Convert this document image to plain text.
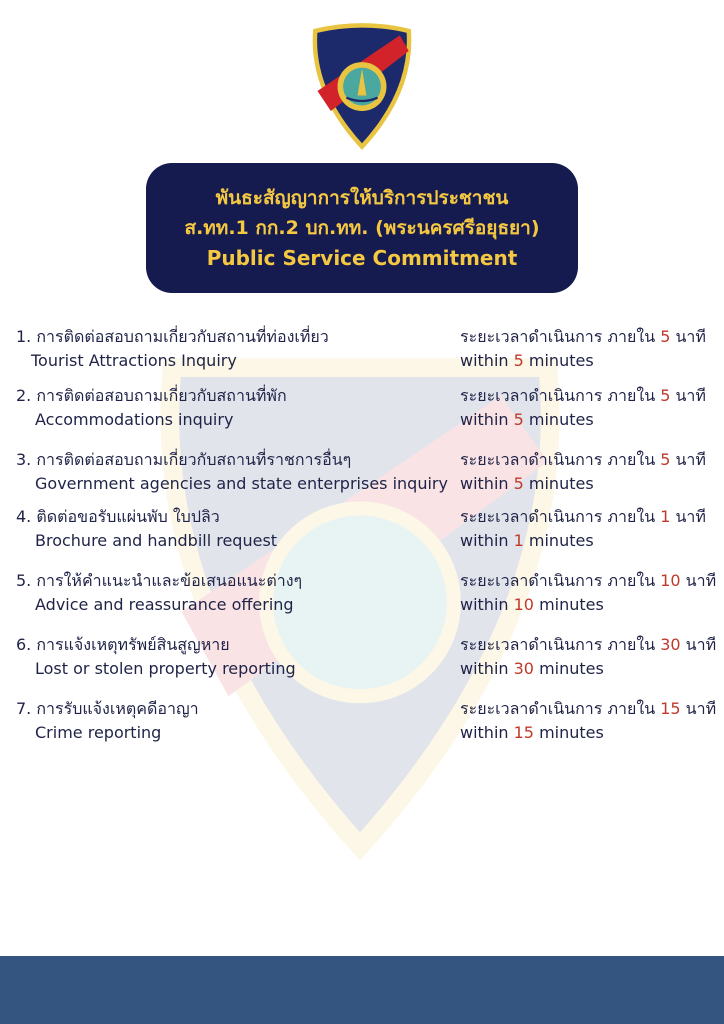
พันธะสัญญาการให้บริการประชาชน
ส.ทท.1 กก.2 บก.ทท. (พระนครศรีอยุธยา)
Public Service Commitment
1. การติดต่อสอบถามเกี่ยวกับสถานที่ท่องเที่ยว
Tourist Attractions Inquiry
ระยะเวลาดำเนินการ ภายใน 5 นาที
within 5 minutes
2. การติดต่อสอบถามเกี่ยวกับสถานที่พัก
Accommodations inquiry
ระยะเวลาดำเนินการ ภายใน 5 นาที
within 5 minutes
3. การติดต่อสอบถามเกี่ยวกับสถานที่ราชการอื่นๆ
Government agencies and state enterprises inquiry
ระยะเวลาดำเนินการ ภายใน 5 นาที
within 5 minutes
4. ติดต่อขอรับแผ่นพับ ใบปลิว
Brochure and handbill request
ระยะเวลาดำเนินการ ภายใน 1 นาที
within 1 minutes
5. การให้คำแนะนำและข้อเสนอแนะต่างๆ
Advice and reassurance offering
ระยะเวลาดำเนินการ ภายใน 10 นาที
within 10 minutes
6. การแจ้งเหตุทรัพย์สินสูญหาย
Lost or stolen property reporting
ระยะเวลาดำเนินการ ภายใน 30 นาที
within 30 minutes
7. การรับแจ้งเหตุคดีอาญา
Crime reporting
ระยะเวลาดำเนินการ ภายใน 15 นาที
within 15 minutes
